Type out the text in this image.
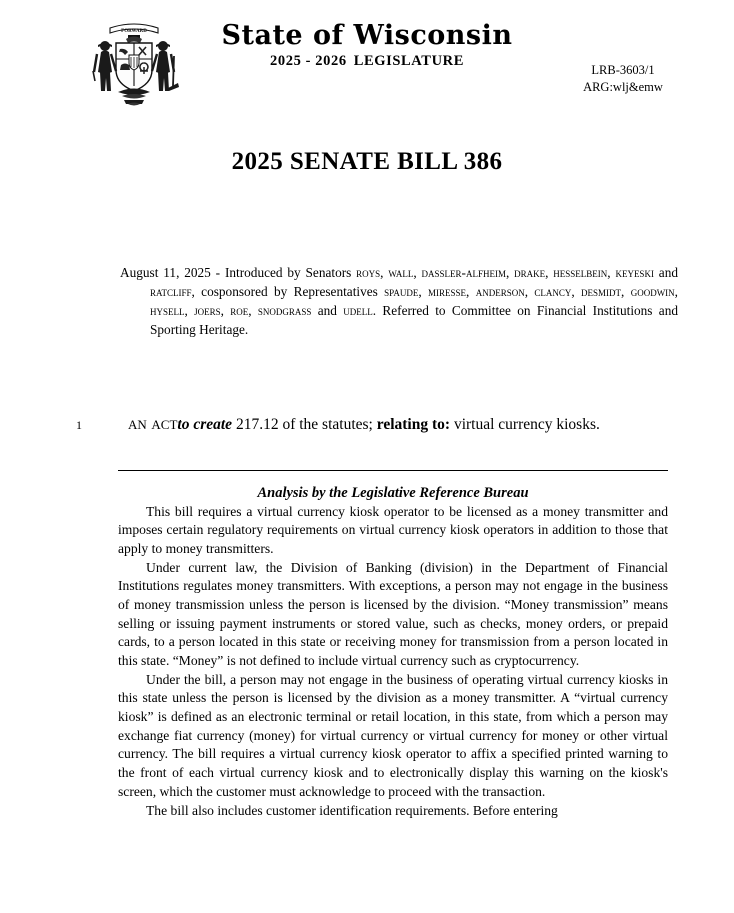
FORWARD	State of Wisconsin
2025 - 2026 LEGISLATURE
LRB-3603/1
ARG:wlj&emw
2025 SENATE BILL 386
August 11, 2025 - Introduced by Senators roys, wall, dassler-alfheim, drake, hesselbein, keyeski and ratcliff, cosponsored by Representatives spaude, miresse, anderson, clancy, desmidt, goodwin, hysell, joers, roe, snodgrass and udell. Referred to Committee on Financial Institutions and Sporting Heritage.
1 an actto create 217.12 of the statutes; relating to: virtual currency kiosks.
Analysis by the Legislative Reference Bureau

This bill requires a virtual currency kiosk operator to be licensed as a money transmitter and imposes certain regulatory requirements on virtual currency kiosk operators in addition to those that apply to money transmitters.

Under current law, the Division of Banking (division) in the Department of Financial Institutions regulates money transmitters. With exceptions, a person may not engage in the business of money transmission unless the person is licensed by the division. “Money transmission” means selling or issuing payment instruments or stored value, such as checks, money orders, or prepaid cards, to a person located in this state or receiving money for transmission from a person located in this state. “Money” is not defined to include virtual currency such as cryptocurrency.

Under the bill, a person may not engage in the business of operating virtual currency kiosks in this state unless the person is licensed by the division as a money transmitter. A “virtual currency kiosk” is defined as an electronic terminal or retail location, in this state, from which a person may exchange fiat currency (money) for virtual currency or virtual currency for money or other virtual currency. The bill requires a virtual currency kiosk operator to affix a specified printed warning to the front of each virtual currency kiosk and to electronically display this warning on the kiosk's screen, which the customer must acknowledge to proceed with the transaction.

The bill also includes customer identification requirements. Before entering
